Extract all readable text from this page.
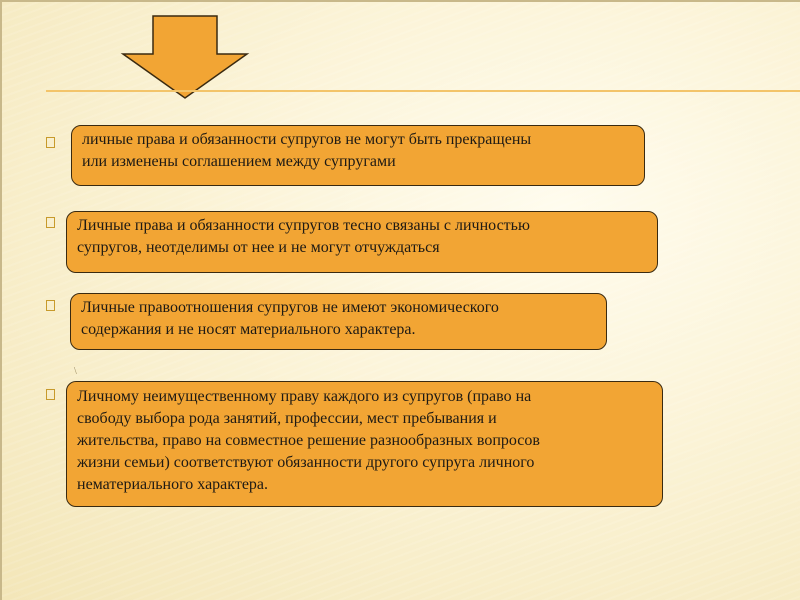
личные права и обязанности супругов не могут быть прекращены
или изменены соглашением между супругами
Личные права и обязанности супругов тесно связаны с личностью
супругов, неотделимы от нее и не могут отчуждаться
Личные правоотношения супругов не имеют экономического
содержания и не носят материального характера.
\
Личному неимущественному праву каждого из супругов (право на
свободу выбора рода занятий, профессии, мест пребывания и
жительства, право на совместное решение разнообразных вопросов
жизни семьи) соответствуют обязанности другого супруга личного
нематериального характера.
